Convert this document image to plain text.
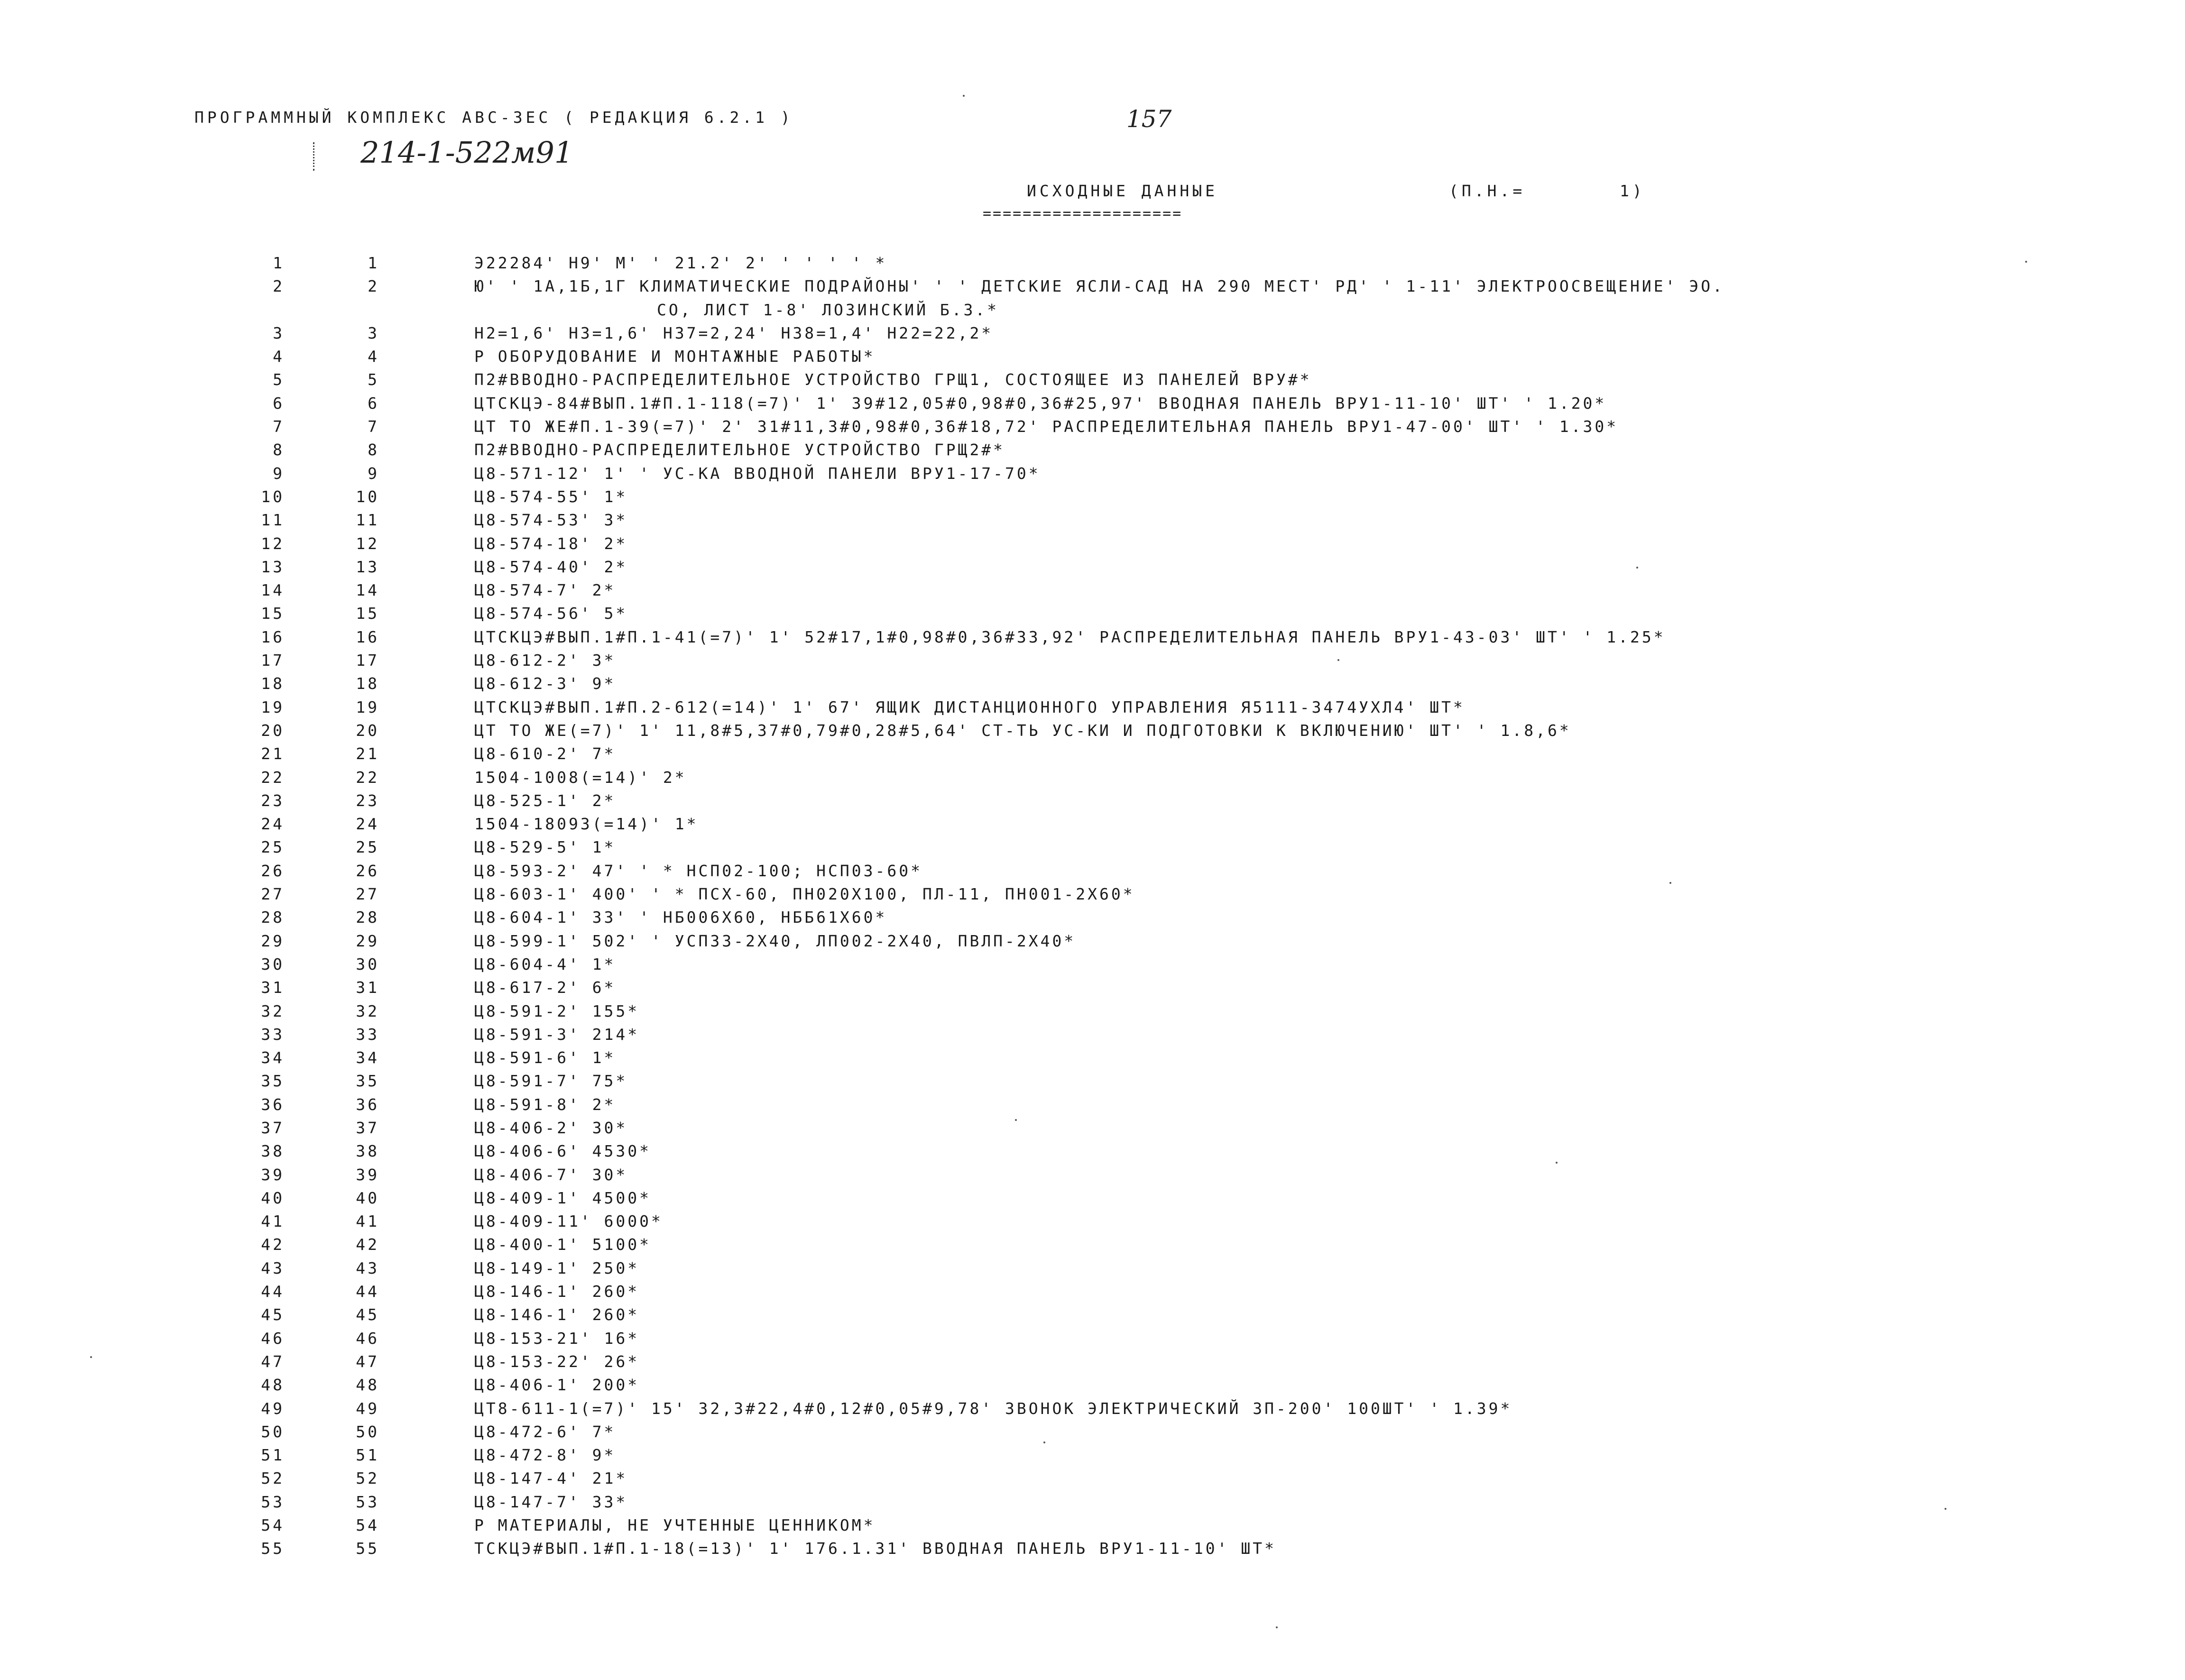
ПРОГРАММНЫЙ КОМПЛЕКС АВС-ЗЕС ( РЕДАКЦИЯ 6.2.1 )	157
214-1-522м91
ИСХОДНЫЕ ДАННЫЕ	(П.Н.=	1)
====================
1	1	Э22284' Н9' М' ' 21.2' 2' ' ' ' ' *
2	2	Ю' ' 1А,1Б,1Г КЛИМАТИЧЕСКИЕ ПОДРАЙОНЫ' ' ' ДЕТСКИЕ ЯСЛИ-САД НА 290 МЕСТ' РД' ' 1-11' ЭЛЕКТРООСВЕЩЕНИЕ' ЭО.
СО, ЛИСТ 1-8' ЛОЗИНСКИЙ Б.З.*
3	3	Н2=1,6' Н3=1,6' Н37=2,24' Н38=1,4' Н22=22,2*
4	4	Р ОБОРУДОВАНИЕ И МОНТАЖНЫЕ РАБОТЫ*
5	5	П2#ВВОДНО-РАСПРЕДЕЛИТЕЛЬНОЕ УСТРОЙСТВО ГРЩ1, СОСТОЯЩЕЕ ИЗ ПАНЕЛЕЙ ВРУ#*
6	6	ЦТСКЦЭ-84#ВЫП.1#П.1-118(=7)' 1' 39#12,05#0,98#0,36#25,97' ВВОДНАЯ ПАНЕЛЬ ВРУ1-11-10' ШТ' ' 1.20*
7	7	ЦТ ТО ЖЕ#П.1-39(=7)' 2' 31#11,3#0,98#0,36#18,72' РАСПРЕДЕЛИТЕЛЬНАЯ ПАНЕЛЬ ВРУ1-47-00' ШТ' ' 1.30*
8	8	П2#ВВОДНО-РАСПРЕДЕЛИТЕЛЬНОЕ УСТРОЙСТВО ГРЩ2#*
9	9	Ц8-571-12' 1' ' УС-КА ВВОДНОЙ ПАНЕЛИ ВРУ1-17-70*
10	10	Ц8-574-55' 1*
11	11	Ц8-574-53' 3*
12	12	Ц8-574-18' 2*
13	13	Ц8-574-40' 2*
14	14	Ц8-574-7' 2*
15	15	Ц8-574-56' 5*
16	16	ЦТСКЦЭ#ВЫП.1#П.1-41(=7)' 1' 52#17,1#0,98#0,36#33,92' РАСПРЕДЕЛИТЕЛЬНАЯ ПАНЕЛЬ ВРУ1-43-03' ШТ' ' 1.25*
17	17	Ц8-612-2' 3*
18	18	Ц8-612-3' 9*
19	19	ЦТСКЦЭ#ВЫП.1#П.2-612(=14)' 1' 67' ЯЩИК ДИСТАНЦИОННОГО УПРАВЛЕНИЯ Я5111-3474УХЛ4' ШТ*
20	20	ЦТ ТО ЖЕ(=7)' 1' 11,8#5,37#0,79#0,28#5,64' СТ-ТЬ УС-КИ И ПОДГОТОВКИ К ВКЛЮЧЕНИЮ' ШТ' ' 1.8,6*
21	21	Ц8-610-2' 7*
22	22	1504-1008(=14)' 2*
23	23	Ц8-525-1' 2*
24	24	1504-18093(=14)' 1*
25	25	Ц8-529-5' 1*
26	26	Ц8-593-2' 47' ' * НСП02-100; НСП03-60*
27	27	Ц8-603-1' 400' ' * ПСХ-60, ПН020Х100, ПЛ-11, ПН001-2Х60*
28	28	Ц8-604-1' 33' ' НБ006Х60, НББ61Х60*
29	29	Ц8-599-1' 502' ' УСП33-2Х40, ЛП002-2Х40, ПВЛП-2Х40*
30	30	Ц8-604-4' 1*
31	31	Ц8-617-2' 6*
32	32	Ц8-591-2' 155*
33	33	Ц8-591-3' 214*
34	34	Ц8-591-6' 1*
35	35	Ц8-591-7' 75*
36	36	Ц8-591-8' 2*
37	37	Ц8-406-2' 30*
38	38	Ц8-406-6' 4530*
39	39	Ц8-406-7' 30*
40	40	Ц8-409-1' 4500*
41	41	Ц8-409-11' 6000*
42	42	Ц8-400-1' 5100*
43	43	Ц8-149-1' 250*
44	44	Ц8-146-1' 260*
45	45	Ц8-146-1' 260*
46	46	Ц8-153-21' 16*
47	47	Ц8-153-22' 26*
48	48	Ц8-406-1' 200*
49	49	ЦТ8-611-1(=7)' 15' 32,3#22,4#0,12#0,05#9,78' ЗВОНОК ЭЛЕКТРИЧЕСКИЙ ЗП-200' 100ШТ' ' 1.39*
50	50	Ц8-472-6' 7*
51	51	Ц8-472-8' 9*
52	52	Ц8-147-4' 21*
53	53	Ц8-147-7' 33*
54	54	Р МАТЕРИАЛЫ, НЕ УЧТЕННЫЕ ЦЕННИКОМ*
55	55	ТСКЦЭ#ВЫП.1#П.1-18(=13)' 1' 176.1.31' ВВОДНАЯ ПАНЕЛЬ ВРУ1-11-10' ШТ*
